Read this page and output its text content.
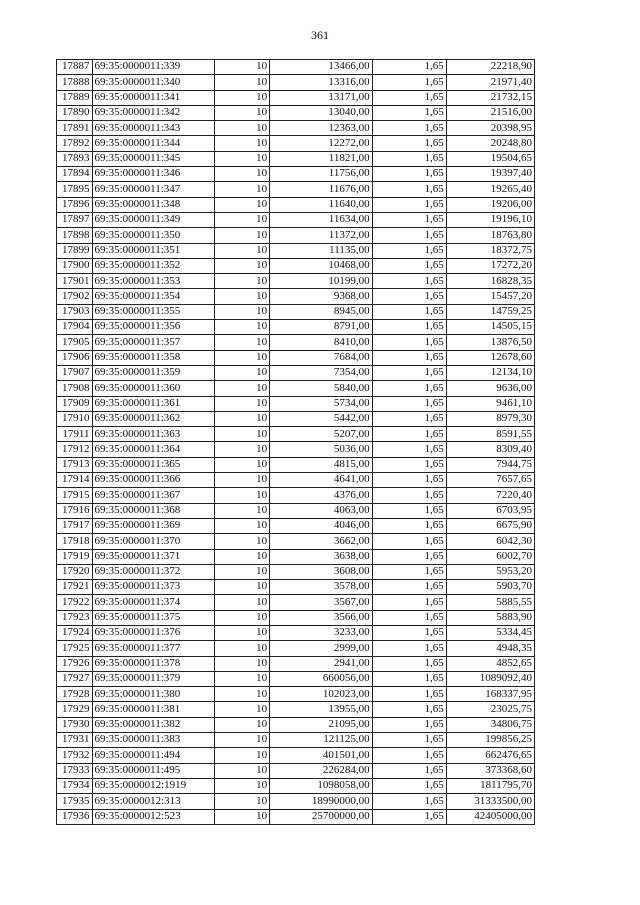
361
17887	69:35:0000011:339	10	13466,00	1,65	22218,90
17888	69:35:0000011:340	10	13316,00	1,65	21971,40
17889	69:35:0000011:341	10	13171,00	1,65	21732,15
17890	69:35:0000011:342	10	13040,00	1,65	21516,00
17891	69:35:0000011:343	10	12363,00	1,65	20398,95
17892	69:35:0000011:344	10	12272,00	1,65	20248,80
17893	69:35:0000011:345	10	11821,00	1,65	19504,65
17894	69:35:0000011:346	10	11756,00	1,65	19397,40
17895	69:35:0000011:347	10	11676,00	1,65	19265,40
17896	69:35:0000011:348	10	11640,00	1,65	19206,00
17897	69:35:0000011:349	10	11634,00	1,65	19196,10
17898	69:35:0000011:350	10	11372,00	1,65	18763,80
17899	69:35:0000011:351	10	11135,00	1,65	18372,75
17900	69:35:0000011:352	10	10468,00	1,65	17272,20
17901	69:35:0000011:353	10	10199,00	1,65	16828,35
17902	69:35:0000011:354	10	9368,00	1,65	15457,20
17903	69:35:0000011:355	10	8945,00	1,65	14759,25
17904	69:35:0000011:356	10	8791,00	1,65	14505,15
17905	69:35:0000011:357	10	8410,00	1,65	13876,50
17906	69:35:0000011:358	10	7684,00	1,65	12678,60
17907	69:35:0000011:359	10	7354,00	1,65	12134,10
17908	69:35:0000011:360	10	5840,00	1,65	9636,00
17909	69:35:0000011:361	10	5734,00	1,65	9461,10
17910	69:35:0000011:362	10	5442,00	1,65	8979,30
17911	69:35:0000011:363	10	5207,00	1,65	8591,55
17912	69:35:0000011:364	10	5036,00	1,65	8309,40
17913	69:35:0000011:365	10	4815,00	1,65	7944,75
17914	69:35:0000011:366	10	4641,00	1,65	7657,65
17915	69:35:0000011:367	10	4376,00	1,65	7220,40
17916	69:35:0000011:368	10	4063,00	1,65	6703,95
17917	69:35:0000011:369	10	4046,00	1,65	6675,90
17918	69:35:0000011:370	10	3662,00	1,65	6042,30
17919	69:35:0000011:371	10	3638,00	1,65	6002,70
17920	69:35:0000011:372	10	3608,00	1,65	5953,20
17921	69:35:0000011:373	10	3578,00	1,65	5903,70
17922	69:35:0000011:374	10	3567,00	1,65	5885,55
17923	69:35:0000011:375	10	3566,00	1,65	5883,90
17924	69:35:0000011:376	10	3233,00	1,65	5334,45
17925	69:35:0000011:377	10	2999,00	1,65	4948,35
17926	69:35:0000011:378	10	2941,00	1,65	4852,65
17927	69:35:0000011:379	10	660056,00	1,65	1089092,40
17928	69:35:0000011:380	10	102023,00	1,65	168337,95
17929	69:35:0000011:381	10	13955,00	1,65	23025,75
17930	69:35:0000011:382	10	21095,00	1,65	34806,75
17931	69:35:0000011:383	10	121125,00	1,65	199856,25
17932	69:35:0000011:494	10	401501,00	1,65	662476,65
17933	69:35:0000011:495	10	226284,00	1,65	373368,60
17934	69:35:0000012:1919	10	1098058,00	1,65	1811795,70
17935	69:35:0000012:313	10	18990000,00	1,65	31333500,00
17936	69:35:0000012:523	10	25700000,00	1,65	42405000,00
